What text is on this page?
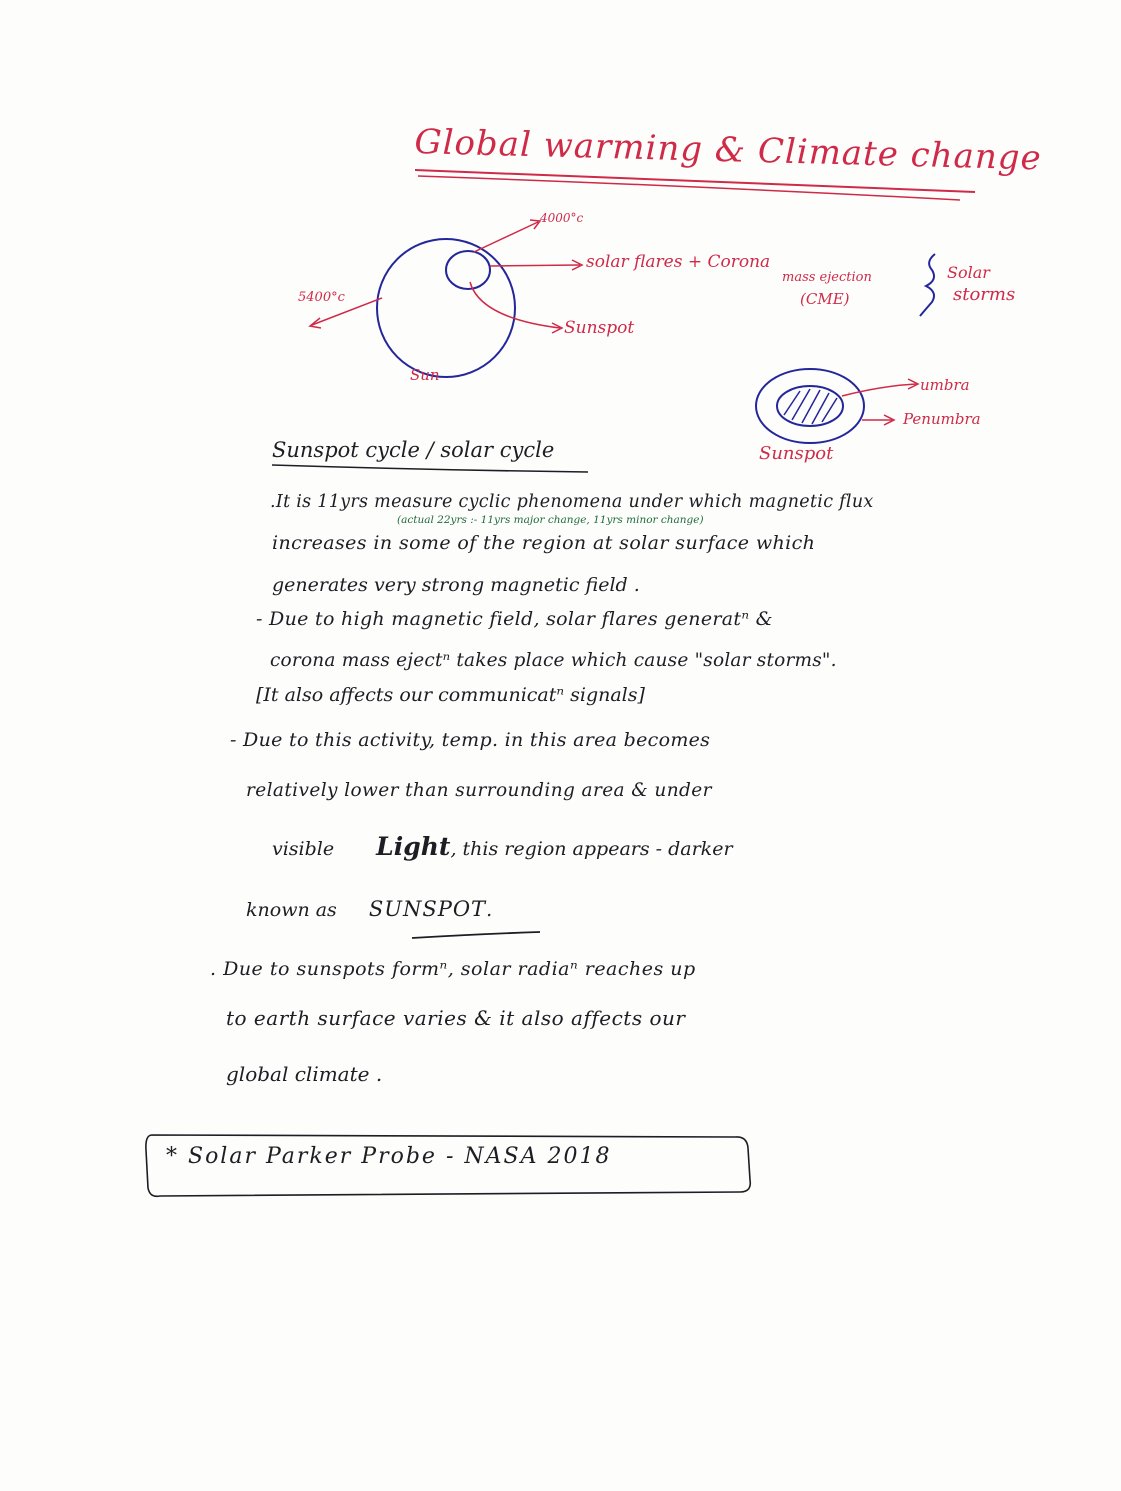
Global warming & Climate change
4000°c
5400°c
solar flares + Corona
mass ejection
(CME)
Solar
storms
Sunspot
Sun
umbra
Penumbra
Sunspot
Sunspot cycle / solar cycle
.It is 11yrs measure cyclic phenomena under which magnetic flux
(actual 22yrs :- 11yrs major change, 11yrs minor change)
increases in some of the region at solar surface which
generates very strong magnetic field .
- Due to high magnetic field, solar flares generatⁿ &
corona mass ejectⁿ takes place which cause "solar storms".
[It also affects our communicatⁿ signals]
- Due to this activity, temp. in this area becomes
relatively lower than surrounding area & under
visible Light, this region appears - darker
known as SUNSPOT.
. Due to sunspots formⁿ, solar radiaⁿ reaches up
to earth surface varies & it also affects our
global climate .
* Solar Parker Probe - NASA 2018
